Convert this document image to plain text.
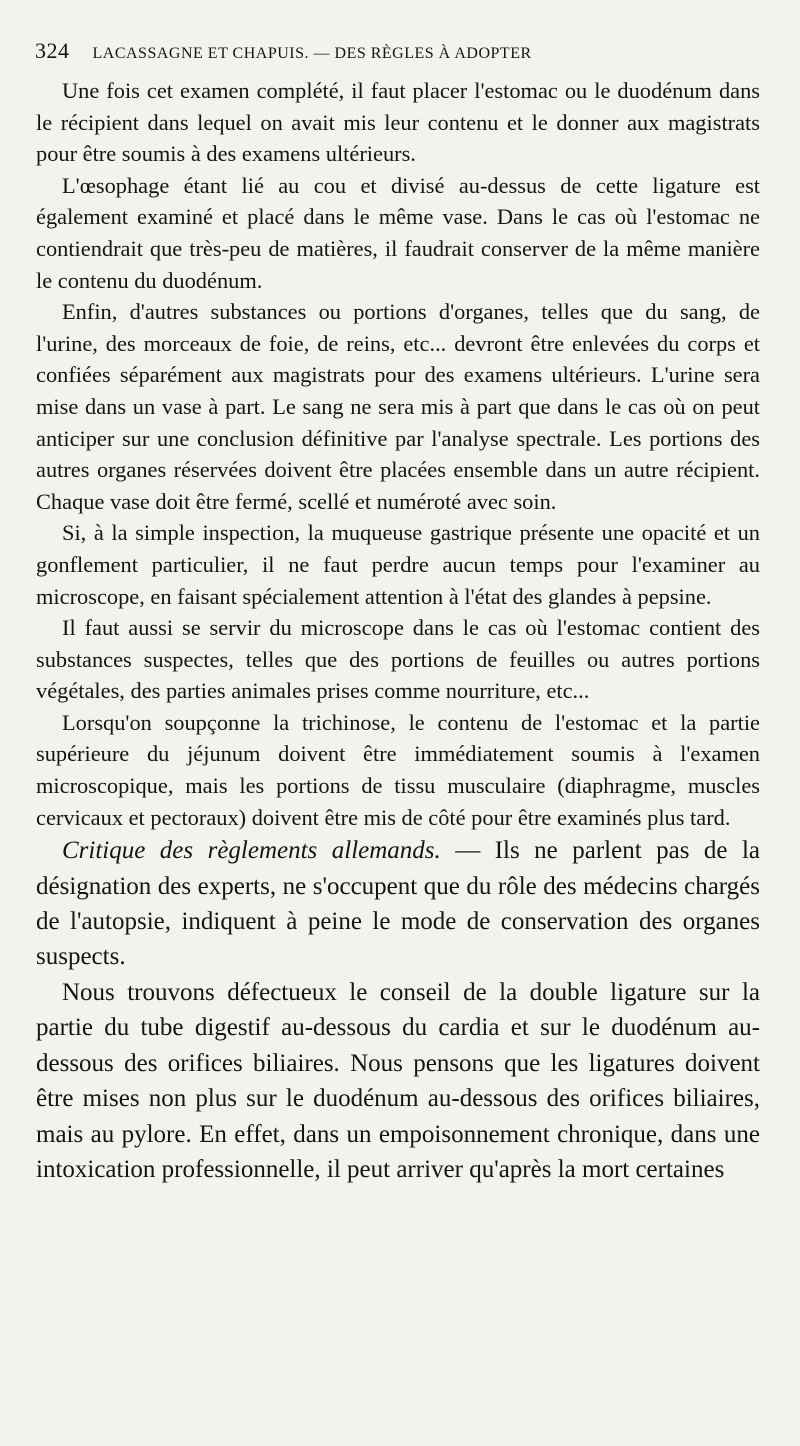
324 LACASSAGNE ET CHAPUIS. — DES RÈGLES À ADOPTER

Une fois cet examen complété, il faut placer l'estomac ou le duodénum dans le récipient dans lequel on avait mis leur contenu et le donner aux magistrats pour être soumis à des examens ultérieurs.

L'œsophage étant lié au cou et divisé au-dessus de cette ligature est également examiné et placé dans le même vase. Dans le cas où l'estomac ne contiendrait que très-peu de matières, il faudrait conserver de la même manière le contenu du duodénum.

Enfin, d'autres substances ou portions d'organes, telles que du sang, de l'urine, des morceaux de foie, de reins, etc... devront être enlevées du corps et confiées séparément aux magistrats pour des examens ultérieurs. L'urine sera mise dans un vase à part. Le sang ne sera mis à part que dans le cas où on peut anticiper sur une conclusion définitive par l'analyse spectrale. Les portions des autres organes réservées doivent être placées ensemble dans un autre récipient. Chaque vase doit être fermé, scellé et numéroté avec soin.

Si, à la simple inspection, la muqueuse gastrique présente une opacité et un gonflement particulier, il ne faut perdre aucun temps pour l'examiner au microscope, en faisant spécialement attention à l'état des glandes à pepsine.

Il faut aussi se servir du microscope dans le cas où l'estomac contient des substances suspectes, telles que des portions de feuilles ou autres portions végétales, des parties animales prises comme nourriture, etc...

Lorsqu'on soupçonne la trichinose, le contenu de l'estomac et la partie supérieure du jéjunum doivent être immédiatement soumis à l'examen microscopique, mais les portions de tissu musculaire (diaphragme, muscles cervicaux et pectoraux) doivent être mis de côté pour être examinés plus tard.

Critique des règlements allemands. — Ils ne parlent pas de la désignation des experts, ne s'occupent que du rôle des médecins chargés de l'autopsie, indiquent à peine le mode de conservation des organes suspects.

Nous trouvons défectueux le conseil de la double ligature sur la partie du tube digestif au-dessous du cardia et sur le duodénum au-dessous des orifices biliaires. Nous pensons que les ligatures doivent être mises non plus sur le duodénum au-dessous des orifices biliaires, mais au pylore. En effet, dans un empoisonnement chronique, dans une intoxication professionnelle, il peut arriver qu'après la mort certaines
